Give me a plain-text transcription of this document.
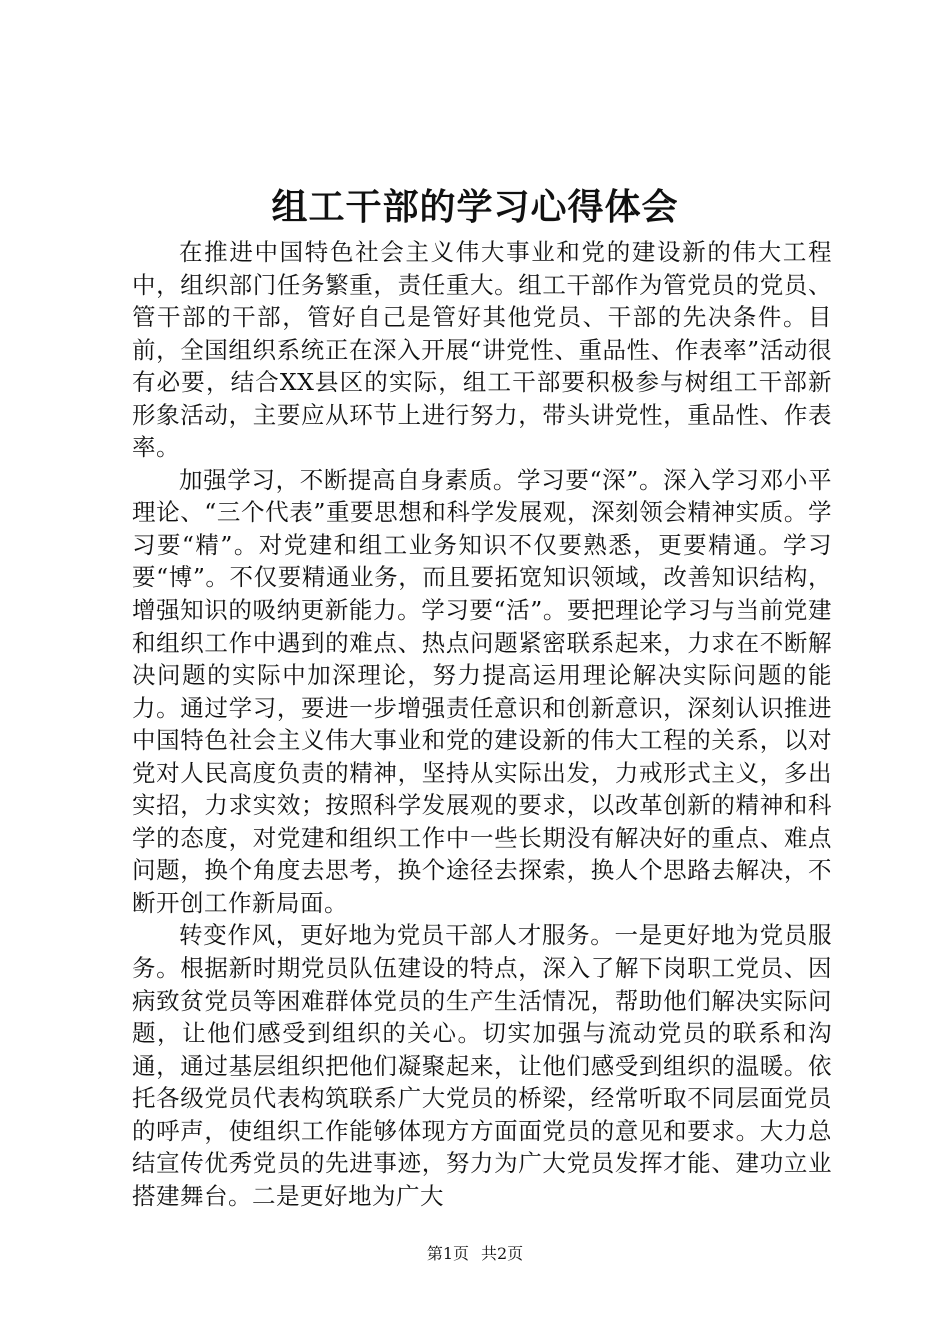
组工干部的学习心得体会

在推进中国特色社会主义伟大事业和党的建设新的伟大工程中，组织部门任务繁重，责任重大。组工干部作为管党员的党员、管干部的干部，管好自己是管好其他党员、干部的先决条件。目前，全国组织系统正在深入开展“讲党性、重品性、作表率”活动很有必要，结合XX县区的实际，组工干部要积极参与树组工干部新形象活动，主要应从环节上进行努力，带头讲党性，重品性、作表率。

加强学习，不断提高自身素质。学习要“深”。深入学习邓小平理论、“三个代表”重要思想和科学发展观，深刻领会精神实质。学习要“精”。对党建和组工业务知识不仅要熟悉，更要精通。学习要“博”。不仅要精通业务，而且要拓宽知识领域，改善知识结构，增强知识的吸纳更新能力。学习要“活”。要把理论学习与当前党建和组织工作中遇到的难点、热点问题紧密联系起来，力求在不断解决问题的实际中加深理论，努力提高运用理论解决实际问题的能力。通过学习，要进一步增强责任意识和创新意识，深刻认识推进中国特色社会主义伟大事业和党的建设新的伟大工程的关系，以对党对人民高度负责的精神，坚持从实际出发，力戒形式主义，多出实招，力求实效；按照科学发展观的要求，以改革创新的精神和科学的态度，对党建和组织工作中一些长期没有解决好的重点、难点问题，换个角度去思考，换个途径去探索，换人个思路去解决，不断开创工作新局面。

转变作风，更好地为党员干部人才服务。一是更好地为党员服务。根据新时期党员队伍建设的特点，深入了解下岗职工党员、因病致贫党员等困难群体党员的生产生活情况，帮助他们解决实际问题，让他们感受到组织的关心。切实加强与流动党员的联系和沟通，通过基层组织把他们凝聚起来，让他们感受到组织的温暖。依托各级党员代表构筑联系广大党员的桥梁，经常听取不同层面党员的呼声，使组织工作能够体现方方面面党员的意见和要求。大力总结宣传优秀党员的先进事迹，努力为广大党员发挥才能、建功立业搭建舞台。二是更好地为广大

第1页 共2页
